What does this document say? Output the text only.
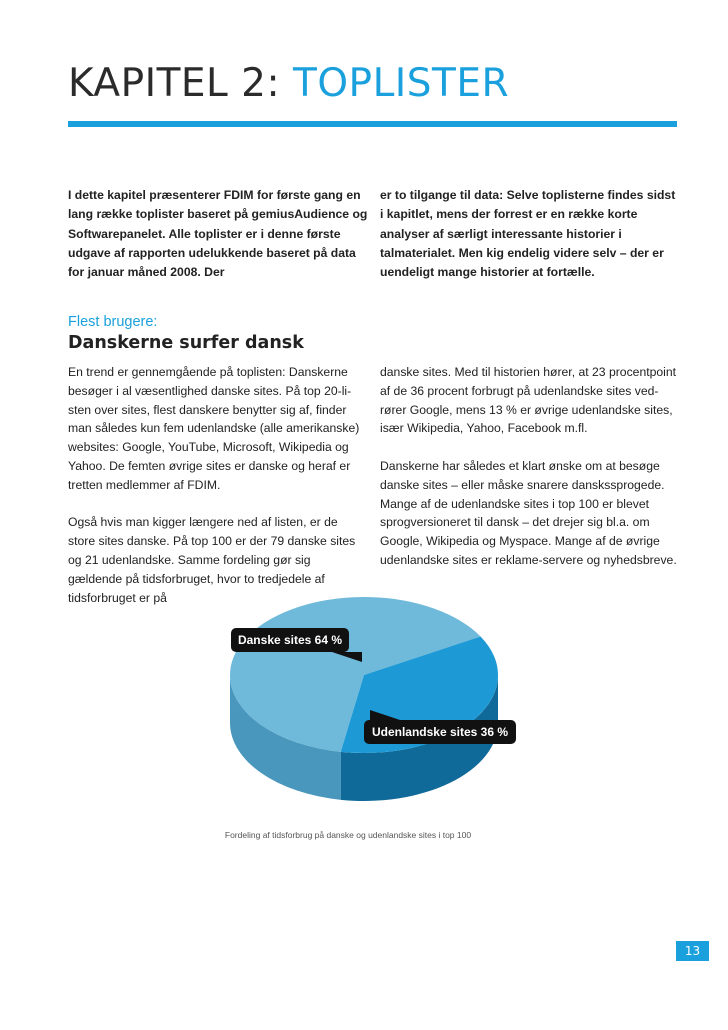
KAPITEL 2: TOPLISTER

I dette kapitel præsenterer FDIM for første gang en lang række toplister baseret på gemiusAudience og Softwarepanelet. Alle toplister er i denne første udgave af rapporten udelukkende baseret på data for januar måned 2008. Der

er to tilgange til data: Selve toplisterne findes sidst i kapitlet, mens der forrest er en række korte analyser af særligt interessante historier i talmaterialet. Men kig endelig videre selv – der er uendeligt mange historier at fortælle.

Flest brugere:
Danskerne surfer dansk

En trend er gennemgående på toplisten: Danskerne besøger i al væsentlighed danske sites. På top 20-listen over sites, flest danskere benytter sig af, finder man således kun fem udenlandske (alle amerikanske) websites: Google, YouTube, Microsoft, Wikipedia og Yahoo. De femten øvrige sites er danske og heraf er tretten medlemmer af FDIM.

Også hvis man kigger længere ned af listen, er de store sites danske. På top 100 er der 79 danske sites og 21 udenlandske. Samme fordeling gør sig gældende på tidsforbruget, hvor to tredjedele af tidsforbruget er på

danske sites. Med til historien hører, at 23 procentpoint af de 36 procent forbrugt på udenlandske sites vedrører Google, mens 13 % er øvrige udenlandske sites, især Wikipedia, Yahoo, Facebook m.fl.

Danskerne har således et klart ønske om at besøge danske sites – eller måske snarere danskssprogede. Mange af de udenlandske sites i top 100 er blevet sprogversioneret til dansk – det drejer sig bl.a. om Google, Wikipedia og Myspace. Mange af de øvrige udenlandske sites er reklame-servere og nyhedsbreve.

Danske sites 64 %
Udenlandske sites 36 %
Fordeling af tidsforbrug på danske og udenlandske sites i top 100
13
